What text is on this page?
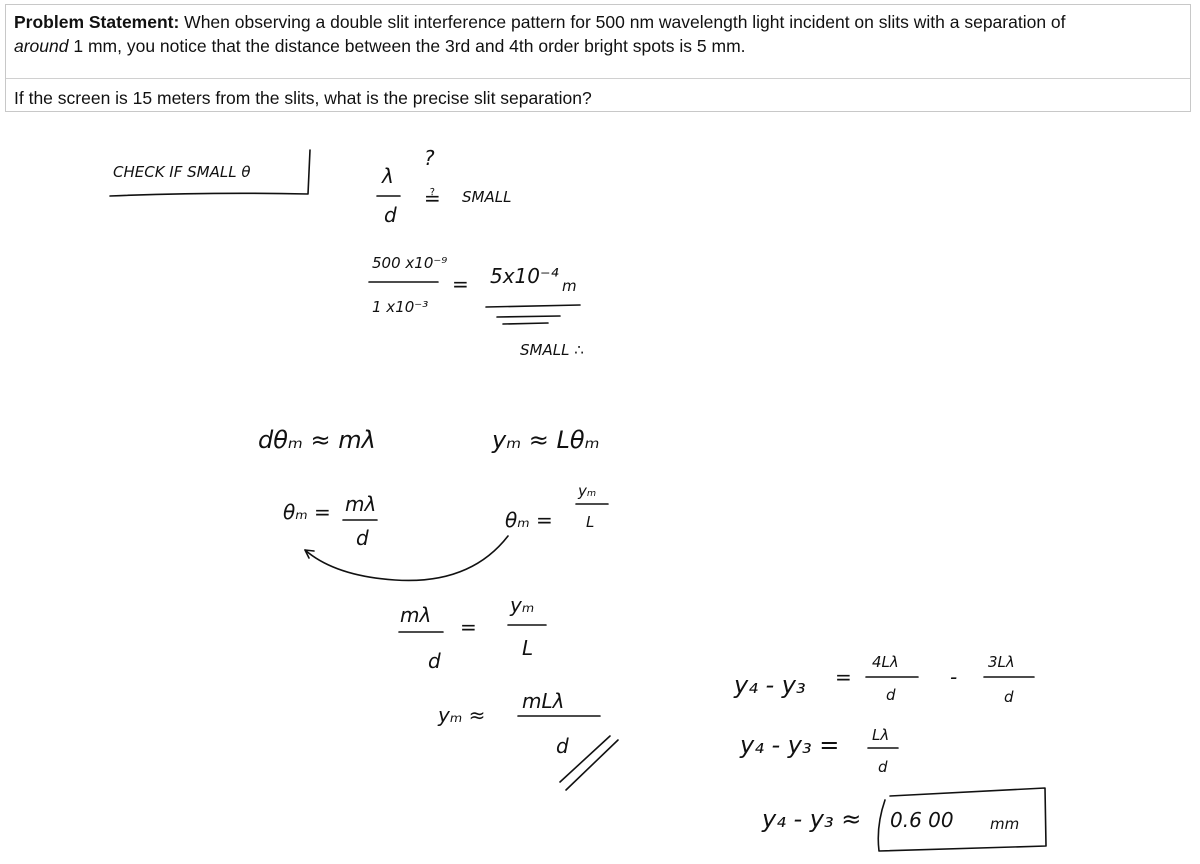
Problem Statement: When observing a double slit interference pattern for 500 nm wavelength light incident on slits with a separation of

around 1 mm, you notice that the distance between the 3rd and 4th order bright spots is 5 mm.

If the screen is 15 meters from the slits, what is the precise slit separation?

CHECK IF SMALL θ	λ
d
?
≟ SMALL
500 x10⁻⁹
1 x10⁻³
= 5x10⁻⁴ m
SMALL ∴
dθₘ ≈ mλ	yₘ ≈ Lθₘ
θₘ = mλ
d
θₘ =
yₘ
L
mλ
d
=
yₘ
L
yₘ ≈
mLλ
d
y₄ - y₃ =
4Lλ
d
-
3Lλ
d
y₄ - y₃ = Lλ
d
y₄ - y₃ ≈ 0.6 00 mm
